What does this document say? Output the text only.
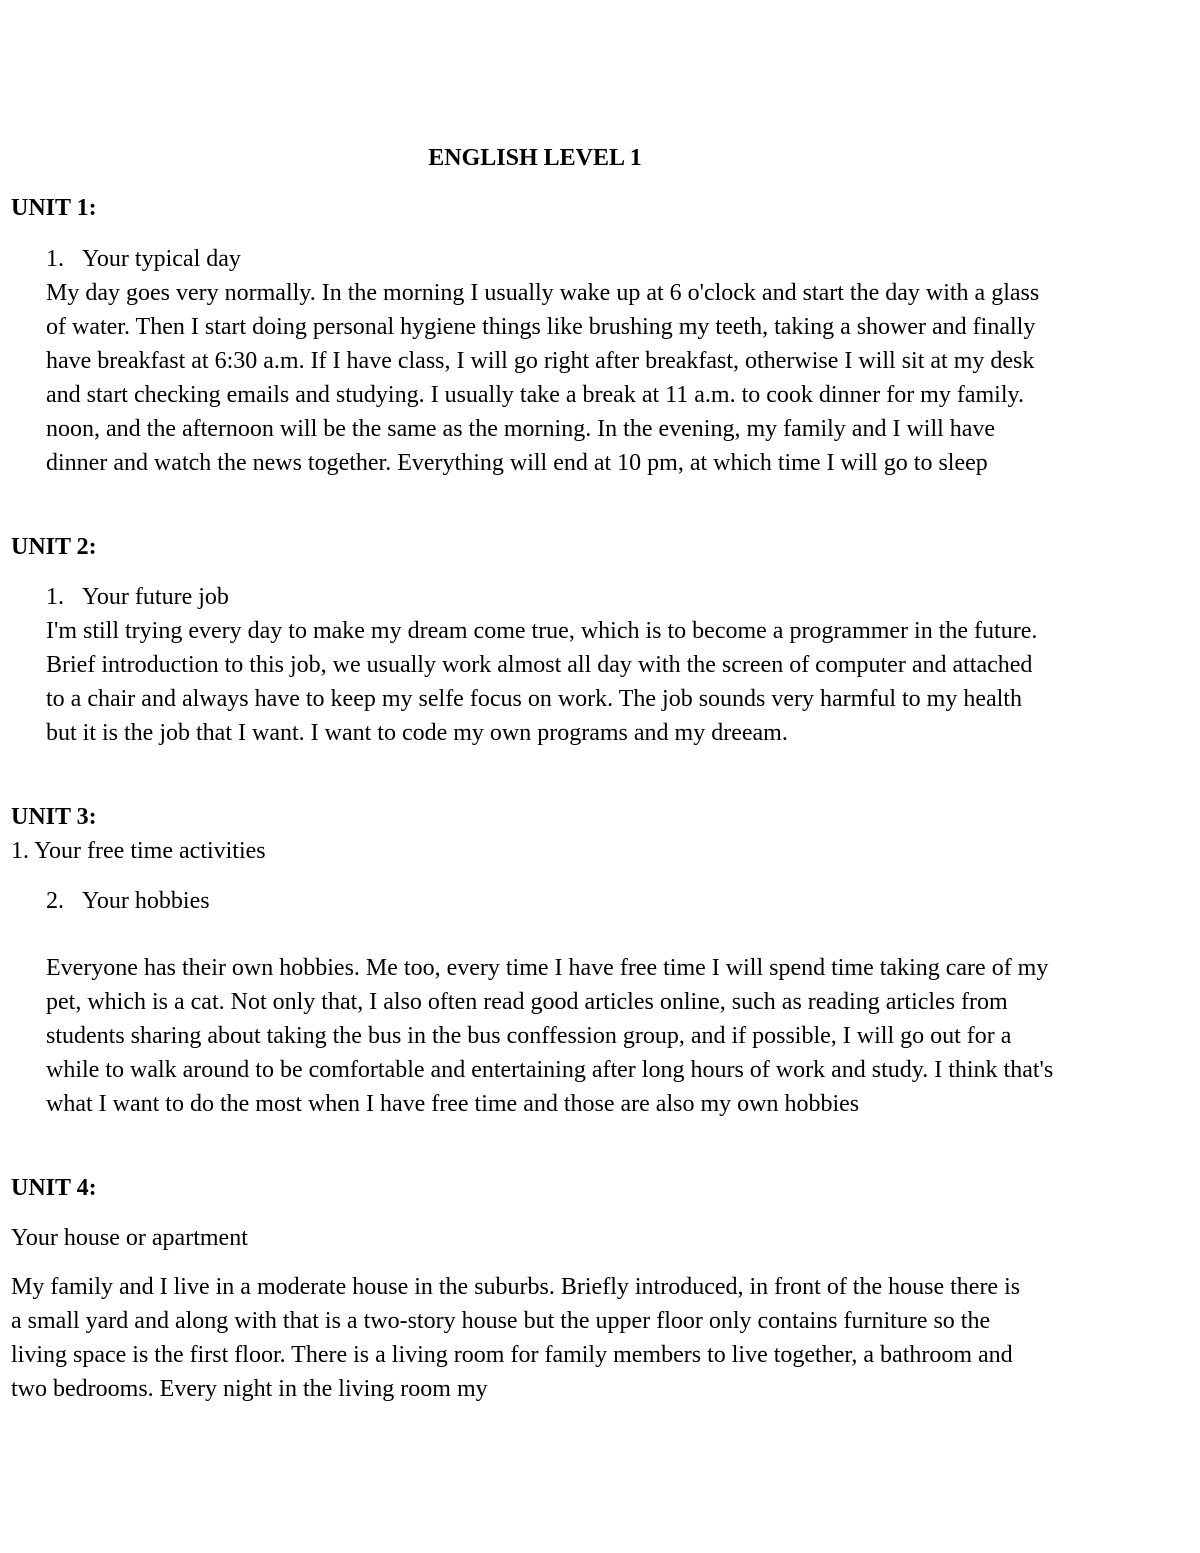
ENGLISH LEVEL 1
UNIT 1:
1. Your typical day

My day goes very normally. In the morning I usually wake up at 6 o'clock and start the day with a glass of water. Then I start doing personal hygiene things like brushing my teeth, taking a shower and finally have breakfast at 6:30 a.m. If I have class, I will go right after breakfast, otherwise I will sit at my desk and start checking emails and studying. I usually take a break at 11 a.m. to cook dinner for my family. noon, and the afternoon will be the same as the morning. In the evening, my family and I will have dinner and watch the news together. Everything will end at 10 pm, at which time I will go to sleep

UNIT 2:
1. Your future job

I'm still trying every day to make my dream come true, which is to become a programmer in the future. Brief introduction to this job, we usually work almost all day with the screen of computer and attached to a chair and always have to keep my selfe focus on work. The job sounds very harmful to my health but it is the job that I want. I want to code my own programs and my dreeam.

UNIT 3:
1. Your free time activities
2. Your hobbies

Everyone has their own hobbies. Me too, every time I have free time I will spend time taking care of my pet, which is a cat. Not only that, I also often read good articles online, such as reading articles from students sharing about taking the bus in the bus conffession group, and if possible, I will go out for a while to walk around to be comfortable and entertaining after long hours of work and study. I think that's what I want to do the most when I have free time and those are also my own hobbies

UNIT 4:
Your house or apartment

My family and I live in a moderate house in the suburbs. Briefly introduced, in front of the house there is a small yard and along with that is a two-story house but the upper floor only contains furniture so the living space is the first floor. There is a living room for family members to live together, a bathroom and two bedrooms. Every night in the living room my
